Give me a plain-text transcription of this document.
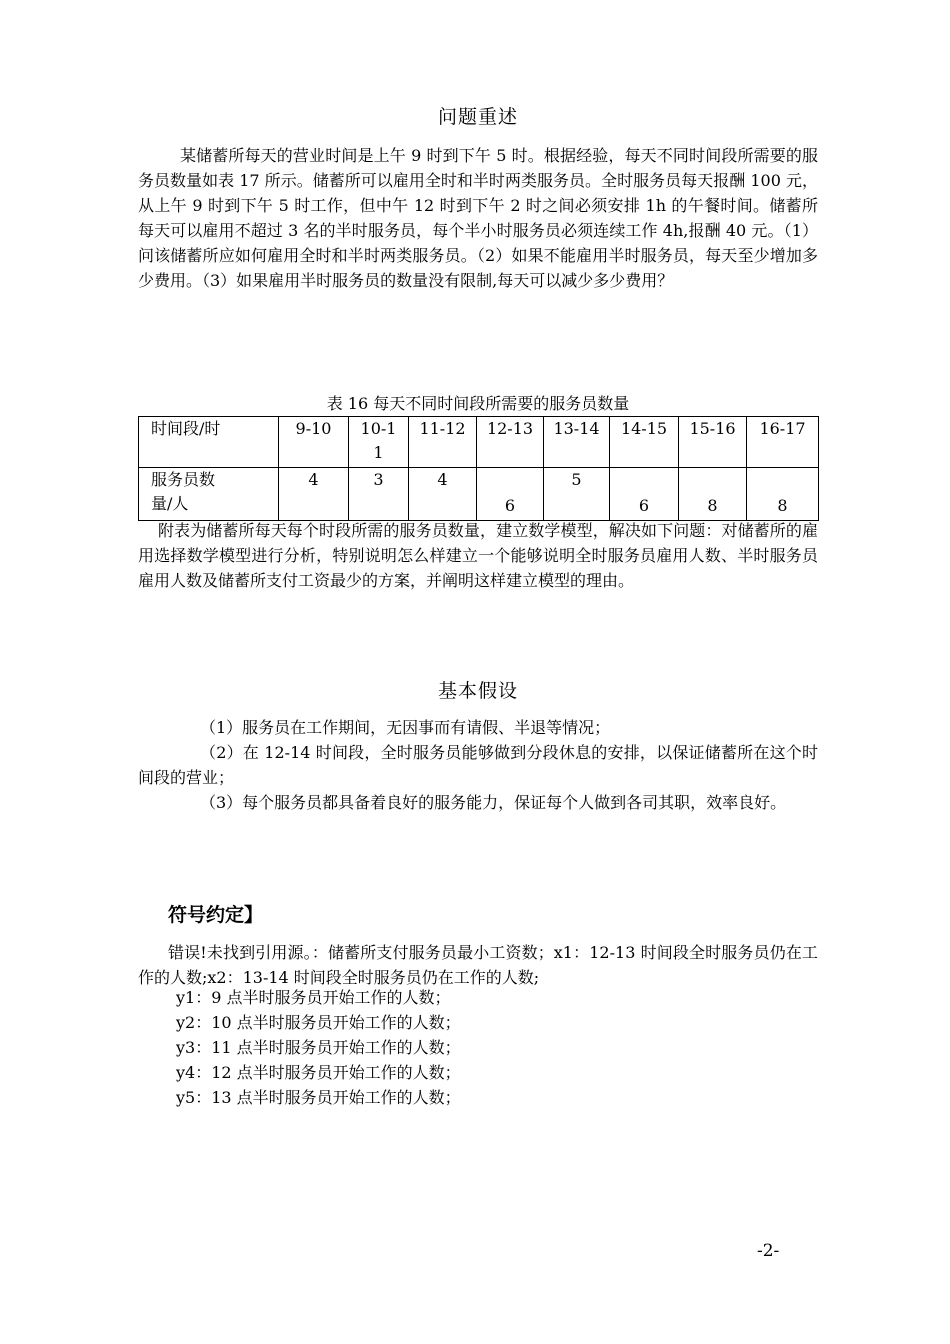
问题重述

某储蓄所每天的营业时间是上午 9 时到下午 5 时。根据经验，每天不同时间段所需要的服务员数量如表 17 所示。储蓄所可以雇用全时和半时两类服务员。全时服务员每天报酬 100 元，从上午 9 时到下午 5 时工作，但中午 12 时到下午 2 时之间必须安排 1h 的午餐时间。储蓄所每天可以雇用不超过 3 名的半时服务员，每个半小时服务员必须连续工作 4h,报酬 40 元。（1）问该储蓄所应如何雇用全时和半时两类服务员。（2）如果不能雇用半时服务员，每天至少增加多少费用。（3）如果雇用半时服务员的数量没有限制,每天可以减少多少费用？

表 16 每天不同时间段所需要的服务员数量

时间段/时	9-10	10-11	11-12	12-13	13-14	14-15	15-16	16-17
服务员数量/人	4	3	4	6	5	6	8	8

附表为储蓄所每天每个时段所需的服务员数量，建立数学模型，解决如下问题：对储蓄所的雇用选择数学模型进行分析，特别说明怎么样建立一个能够说明全时服务员雇用人数、半时服务员雇用人数及储蓄所支付工资最少的方案，并阐明这样建立模型的理由。

基本假设

（1）服务员在工作期间，无因事而有请假、半退等情况；

（2）在 12-14 时间段，全时服务员能够做到分段休息的安排，以保证储蓄所在这个时间段的营业；

（3）每个服务员都具备着良好的服务能力，保证每个人做到各司其职，效率良好。

符号约定】

错误!未找到引用源。：储蓄所支付服务员最小工资数；x1：12-13 时间段全时服务员仍在工作的人数;x2：13-14 时间段全时服务员仍在工作的人数;

y1：9 点半时服务员开始工作的人数；

y2：10 点半时服务员开始工作的人数；

y3：11 点半时服务员开始工作的人数；

y4：12 点半时服务员开始工作的人数；

y5：13 点半时服务员开始工作的人数；

-2-
